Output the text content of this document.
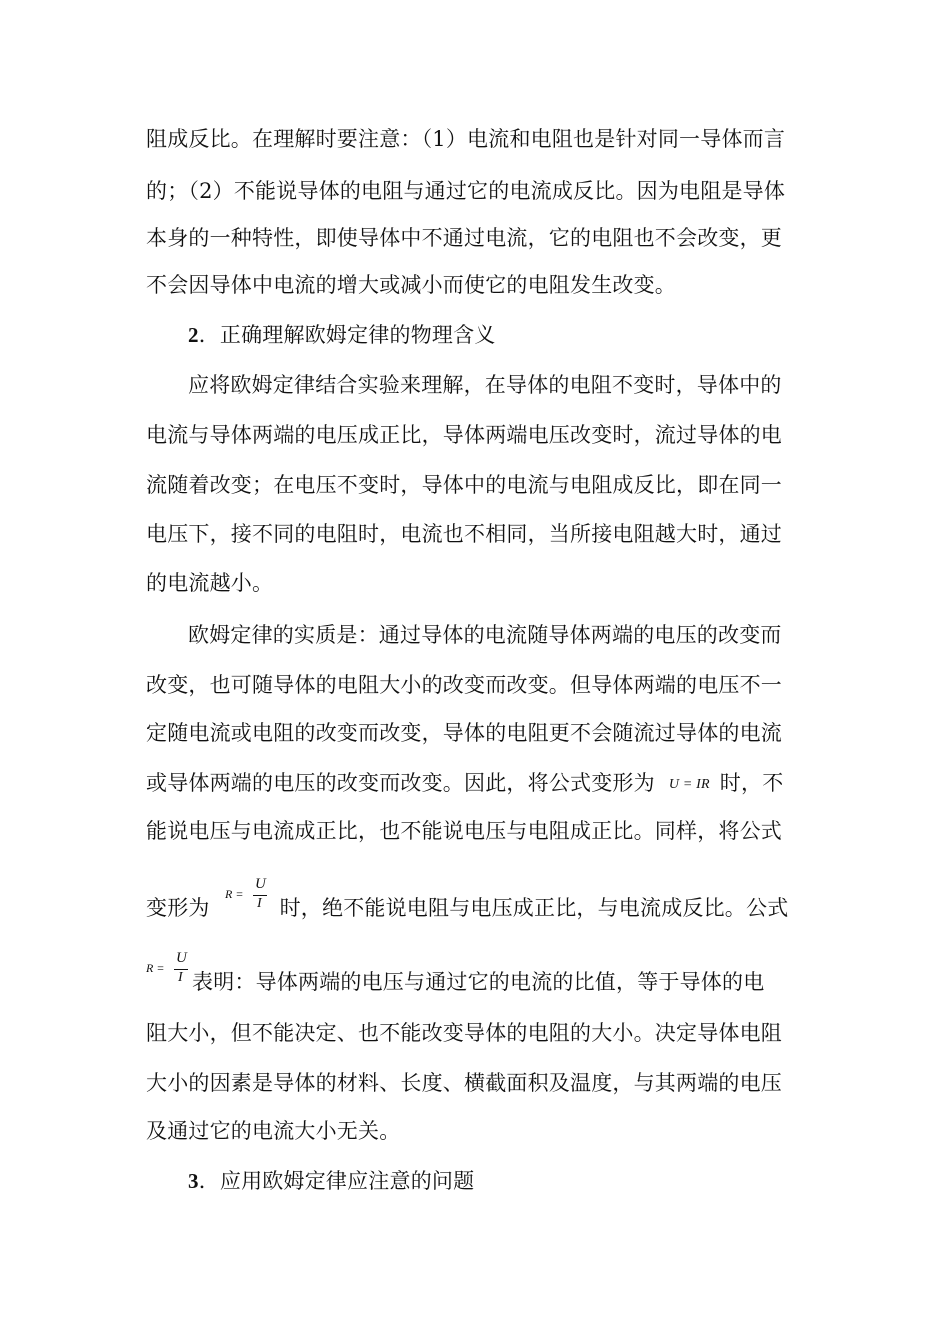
阻成反比。在理解时要注意：（1）电流和电阻也是针对同一导体而言
的；（2）不能说导体的电阻与通过它的电流成反比。因为电阻是导体
本身的一种特性，即使导体中不通过电流，它的电阻也不会改变，更
不会因导体中电流的增大或减小而使它的电阻发生改变。
2．正确理解欧姆定律的物理含义
应将欧姆定律结合实验来理解，在导体的电阻不变时，导体中的
电流与导体两端的电压成正比，导体两端电压改变时，流过导体的电
流随着改变；在电压不变时，导体中的电流与电阻成反比，即在同一
电压下，接不同的电阻时，电流也不相同，当所接电阻越大时，通过
的电流越小。
欧姆定律的实质是：通过导体的电流随导体两端的电压的改变而
改变，也可随导体的电阻大小的改变而改变。但导体两端的电压不一
定随电流或电阻的改变而改变，导体的电阻更不会随流过导体的电流
或导体两端的电压的改变而改变。因此，将公式变形为 U = IR 时，不
能说电压与电流成正比，也不能说电压与电阻成正比。同样，将公式
变形为	时，绝不能说电阻与电压成正比，与电流成反比。公式
R =
U
I
表明：导体两端的电压与通过它的电流的比值，等于导体的电
R =
U
I
阻大小，但不能决定、也不能改变导体的电阻的大小。决定导体电阻
大小的因素是导体的材料、长度、横截面积及温度，与其两端的电压
及通过它的电流大小无关。
3．应用欧姆定律应注意的问题
